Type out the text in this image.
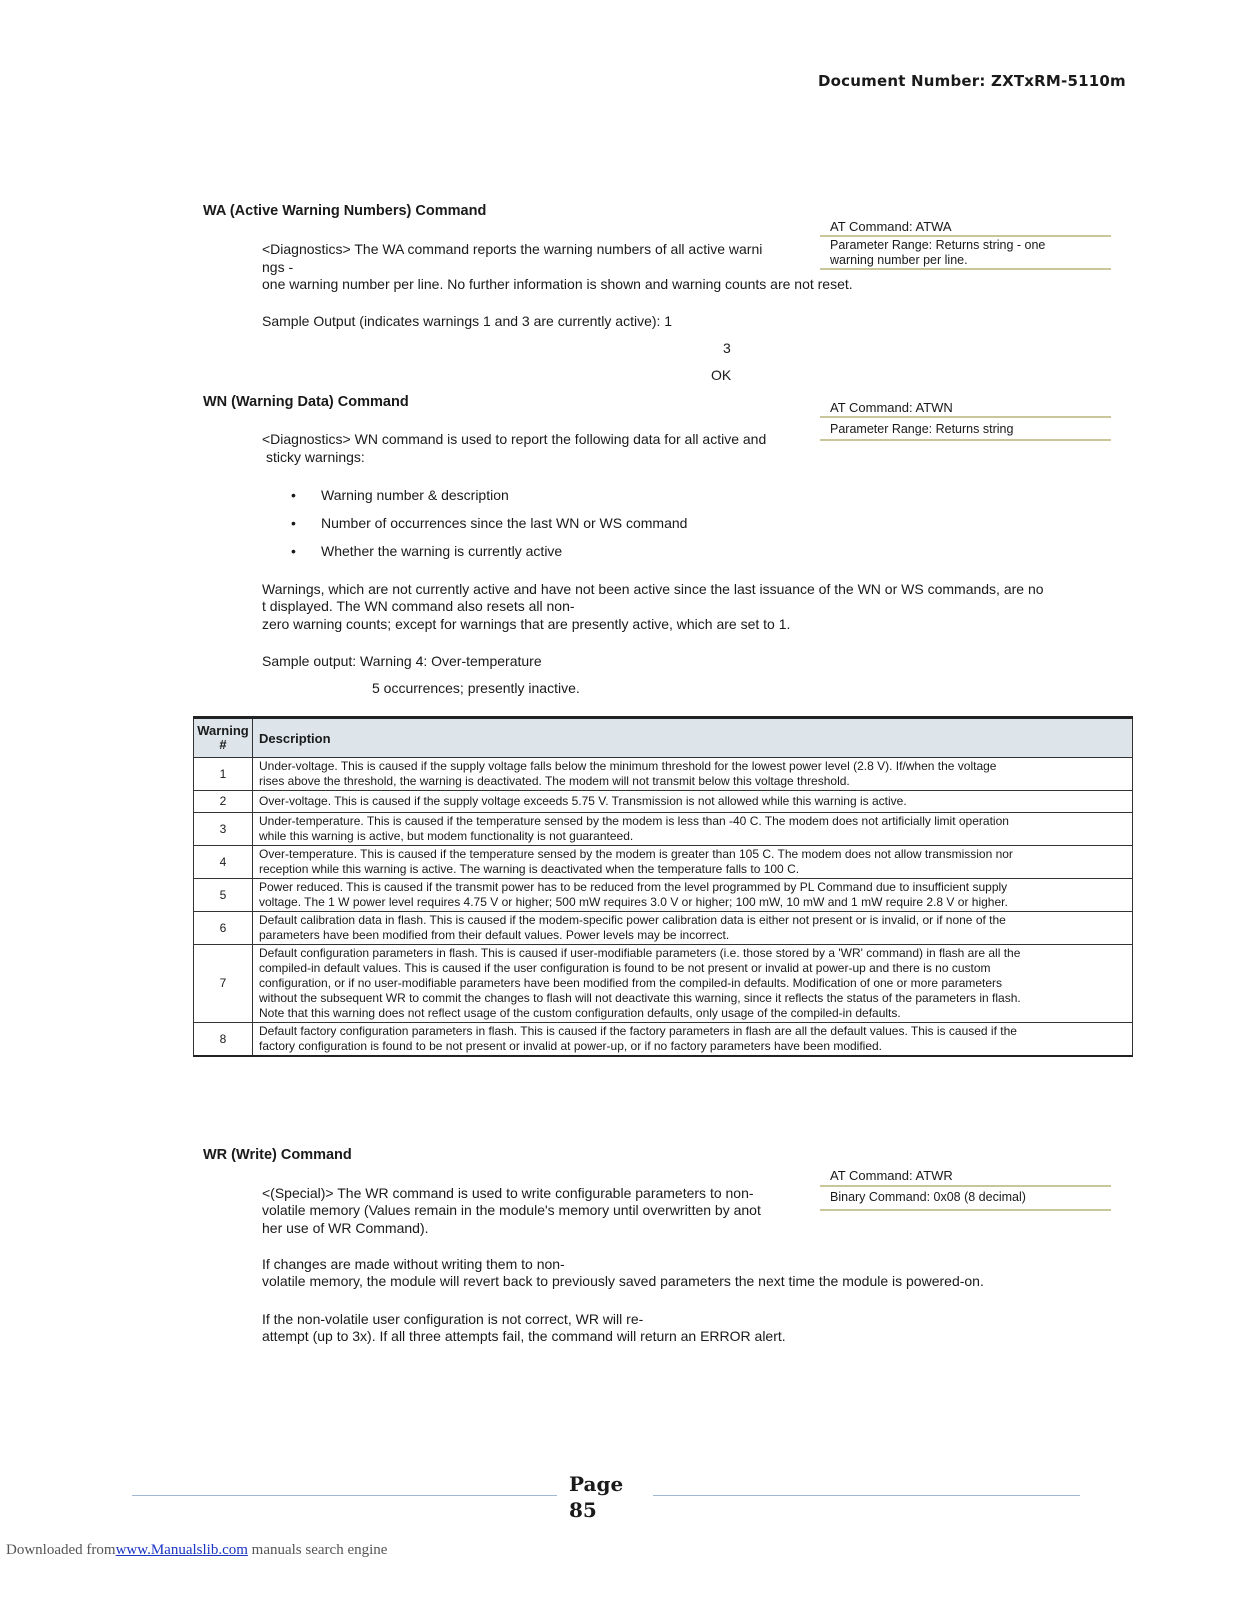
Document Number: ZXTxRM-5110m
WA (Active Warning Numbers) Command
AT Command: ATWA
Parameter Range: Returns string - one
warning number per line.
<Diagnostics> The WA command reports the warning numbers of all active warni
ngs -
one warning number per line. No further information is shown and warning counts are not reset.
Sample Output (indicates warnings 1 and 3 are currently active): 1
3
OK
WN (Warning Data) Command	AT Command: ATWN
Parameter Range: Returns string
<Diagnostics> WN command is used to report the following data for all active and
sticky warnings:
• Warning number & description
• Number of occurrences since the last WN or WS command
• Whether the warning is currently active
Warnings, which are not currently active and have not been active since the last issuance of the WN or WS commands, are no
t displayed. The WN command also resets all non-
zero warning counts; except for warnings that are presently active, which are set to 1.
Sample output: Warning 4: Over-temperature
5 occurrences; presently inactive.
Warning #	Description
1	Under-voltage. This is caused if the supply voltage falls below the minimum threshold for the lowest power level (2.8 V). If/when the voltage
rises above the threshold, the warning is deactivated. The modem will not transmit below this voltage threshold.

2	Over-voltage. This is caused if the supply voltage exceeds 5.75 V. Transmission is not allowed while this warning is active.

3	Under-temperature. This is caused if the temperature sensed by the modem is less than -40 C. The modem does not artificially limit operation
while this warning is active, but modem functionality is not guaranteed.

4	Over-temperature. This is caused if the temperature sensed by the modem is greater than 105 C. The modem does not allow transmission nor
reception while this warning is active. The warning is deactivated when the temperature falls to 100 C.

5	Power reduced. This is caused if the transmit power has to be reduced from the level programmed by PL Command due to insufficient supply
voltage. The 1 W power level requires 4.75 V or higher; 500 mW requires 3.0 V or higher; 100 mW, 10 mW and 1 mW require 2.8 V or higher.

6	Default calibration data in flash. This is caused if the modem-specific power calibration data is either not present or is invalid, or if none of the
parameters have been modified from their default values. Power levels may be incorrect.

7	Default configuration parameters in flash. This is caused if user-modifiable parameters (i.e. those stored by a 'WR' command) in flash are all the
compiled-in default values. This is caused if the user configuration is found to be not present or invalid at power-up and there is no custom
configuration, or if no user-modifiable parameters have been modified from the compiled-in defaults. Modification of one or more parameters
without the subsequent WR to commit the changes to flash will not deactivate this warning, since it reflects the status of the parameters in flash.
Note that this warning does not reflect usage of the custom configuration defaults, only usage of the compiled-in defaults.

8	Default factory configuration parameters in flash. This is caused if the factory parameters in flash are all the default values. This is caused if the
factory configuration is found to be not present or invalid at power-up, or if no factory parameters have been modified.
WR (Write) Command
AT Command: ATWR
Binary Command: 0x08 (8 decimal)
<(Special)> The WR command is used to write configurable parameters to non-
volatile memory (Values remain in the module's memory until overwritten by anot
her use of WR Command).
If changes are made without writing them to non-
volatile memory, the module will revert back to previously saved parameters the next time the module is powered-on.
If the non-volatile user configuration is not correct, WR will re-
attempt (up to 3x). If all three attempts fail, the command will return an ERROR alert.
Page
85
Downloaded fromwww.Manualslib.com manuals search engine
